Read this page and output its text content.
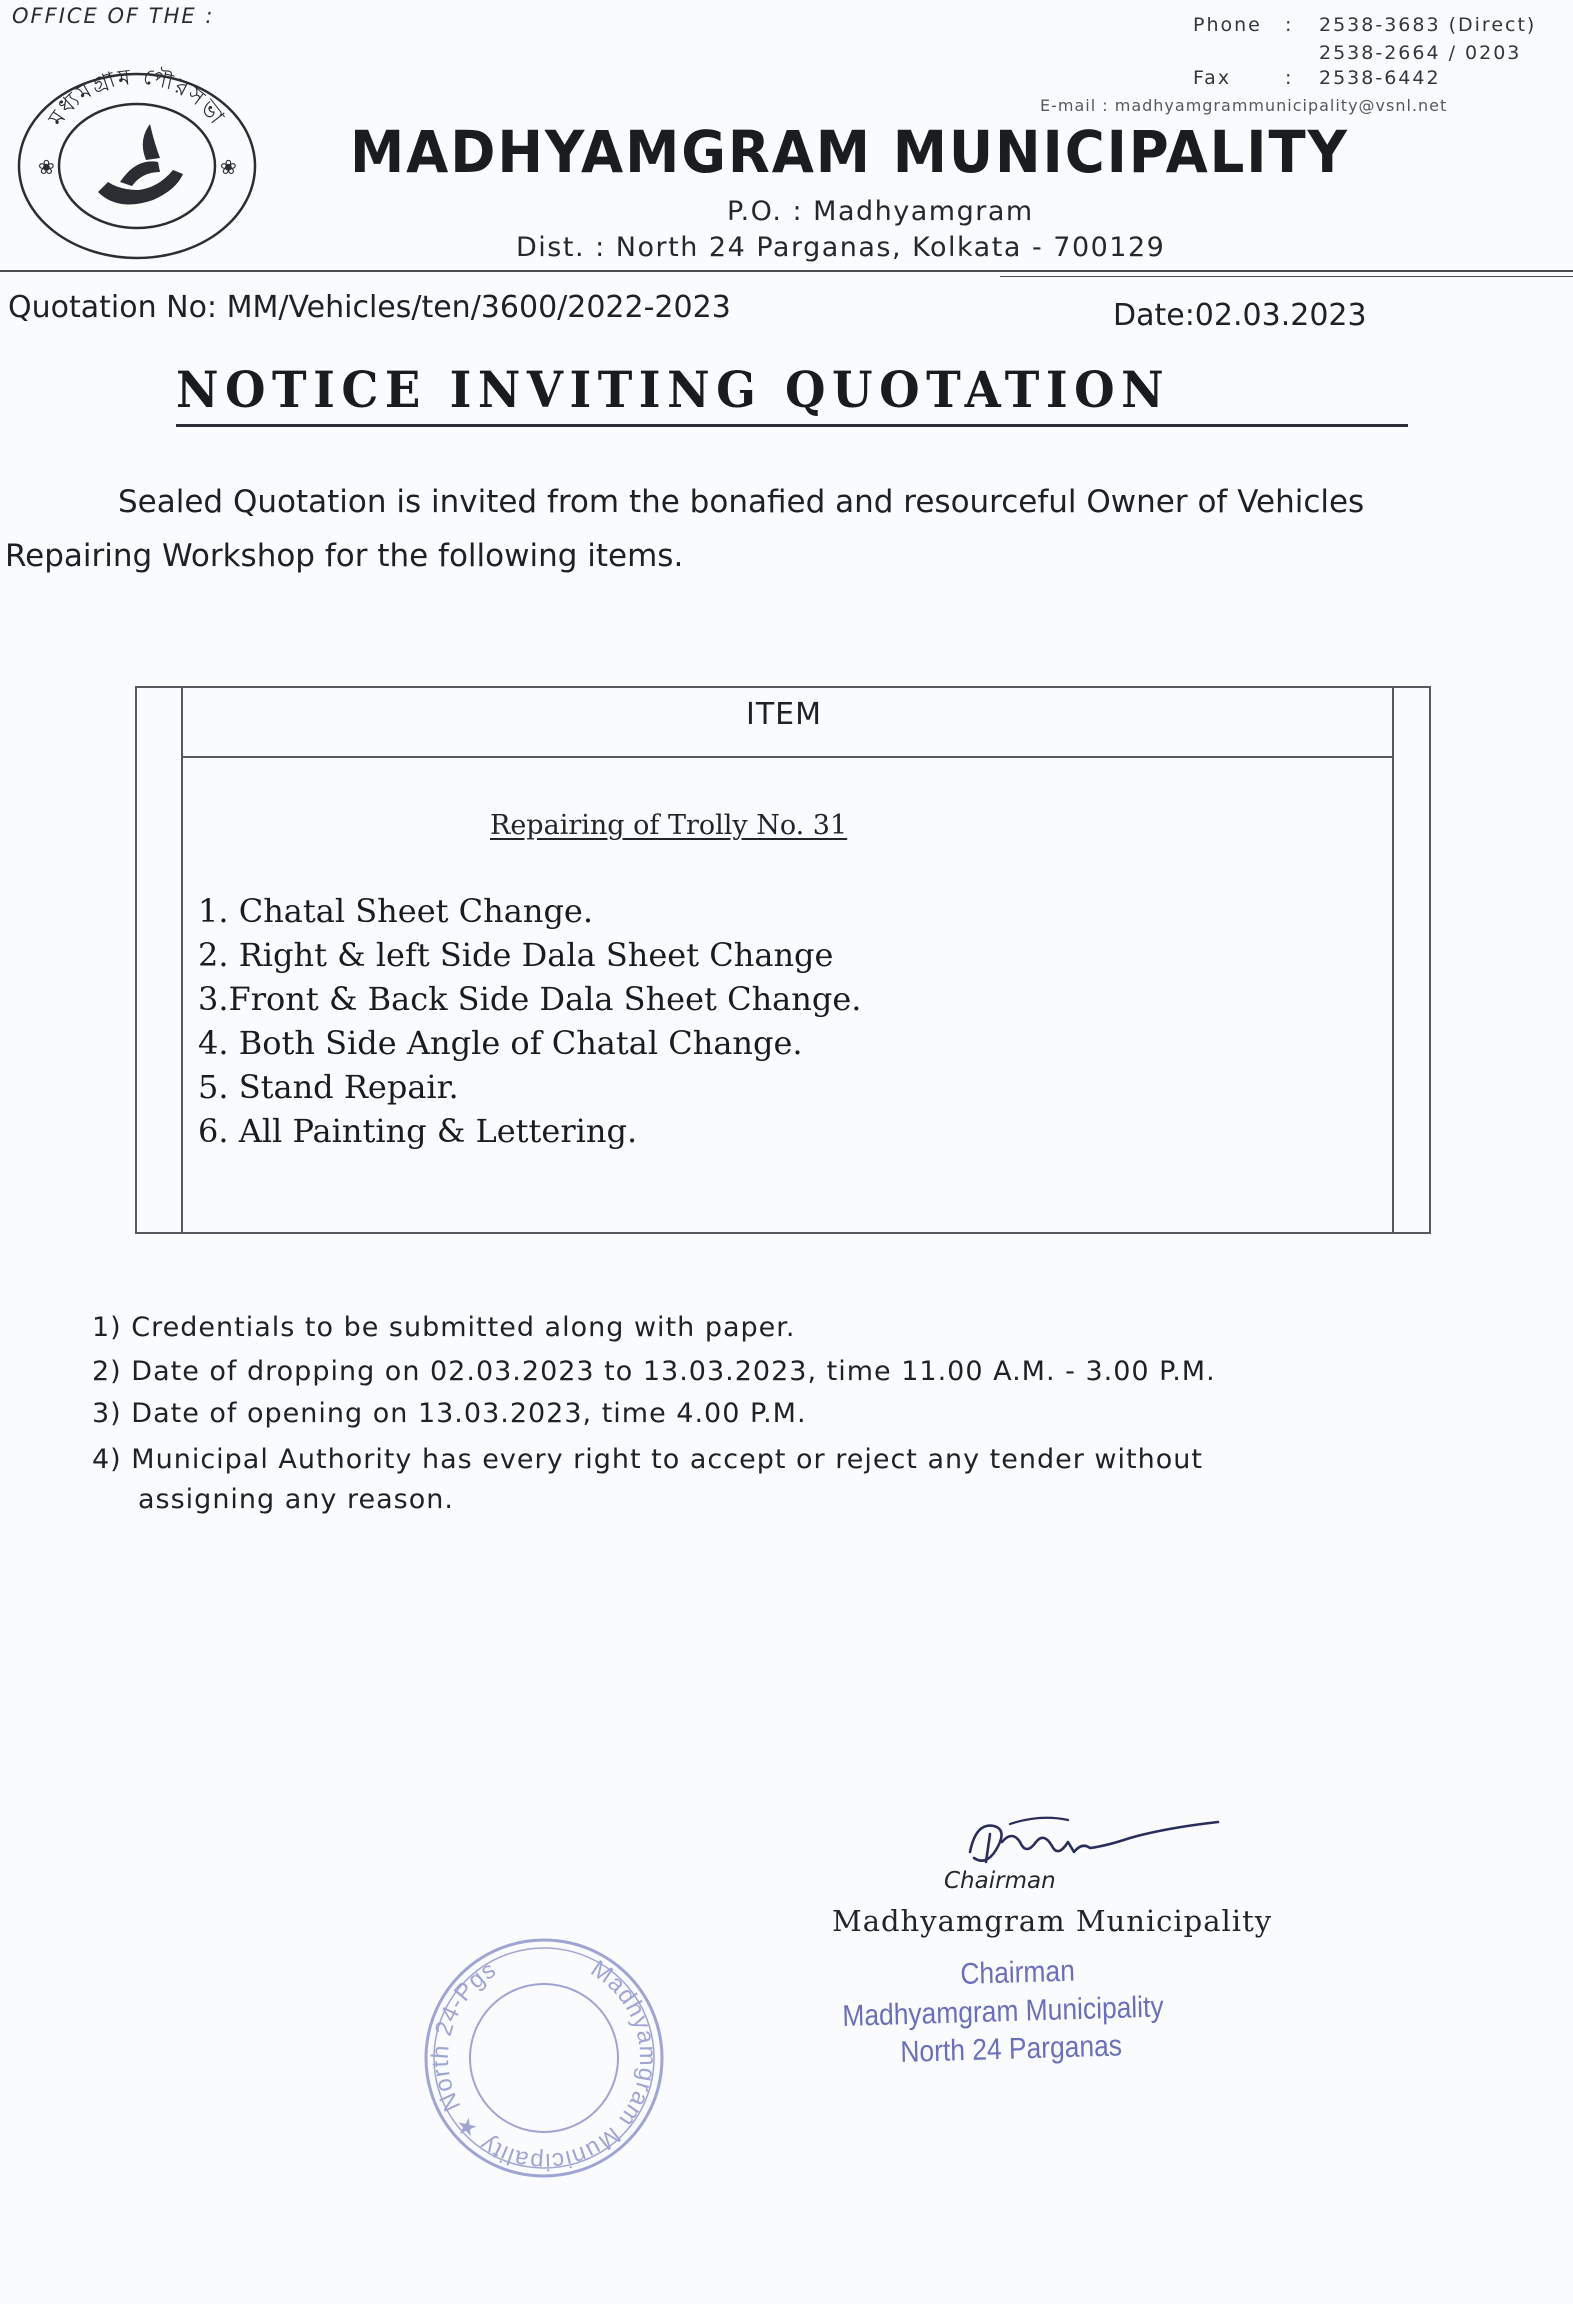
OFFICE OF THE :	Phone : 2538-3683 (Direct)
2538-2664 / 0203
Fax	: 2538-6442
E-mail : madhyamgrammunicipality@vsnl.net
মধ্যমগ্রাম পৌরসভা
❀	❀ MADHYAMGRAM MUNICIPALITY
P.O. : Madhyamgram
Dist. : North 24 Parganas, Kolkata - 700129
Quotation No: MM/Vehicles/ten/3600/2022-2023	Date:02.03.2023
NOTICE INVITING QUOTATION
Sealed Quotation is invited from the bonafied and resourceful Owner of Vehicles
Repairing Workshop for the following items.
ITEM
Repairing of Trolly No. 31
1. Chatal Sheet Change.
2. Right & left Side Dala Sheet Change
3.Front & Back Side Dala Sheet Change.
4. Both Side Angle of Chatal Change.
5. Stand Repair.
6. All Painting & Lettering.
1) Credentials to be submitted along with paper.
2) Date of dropping on 02.03.2023 to 13.03.2023, time 11.00 A.M. - 3.00 P.M.
3) Date of opening on 13.03.2023, time 4.00 P.M.
4) Municipal Authority has every right to accept or reject any tender without
assigning any reason.
Chairman
Madhyamgram Municipality
Chairman
Madhyamgram Municipality
North 24 Parganas
Madhyamgram Municipality ★ North 24-Pgs
